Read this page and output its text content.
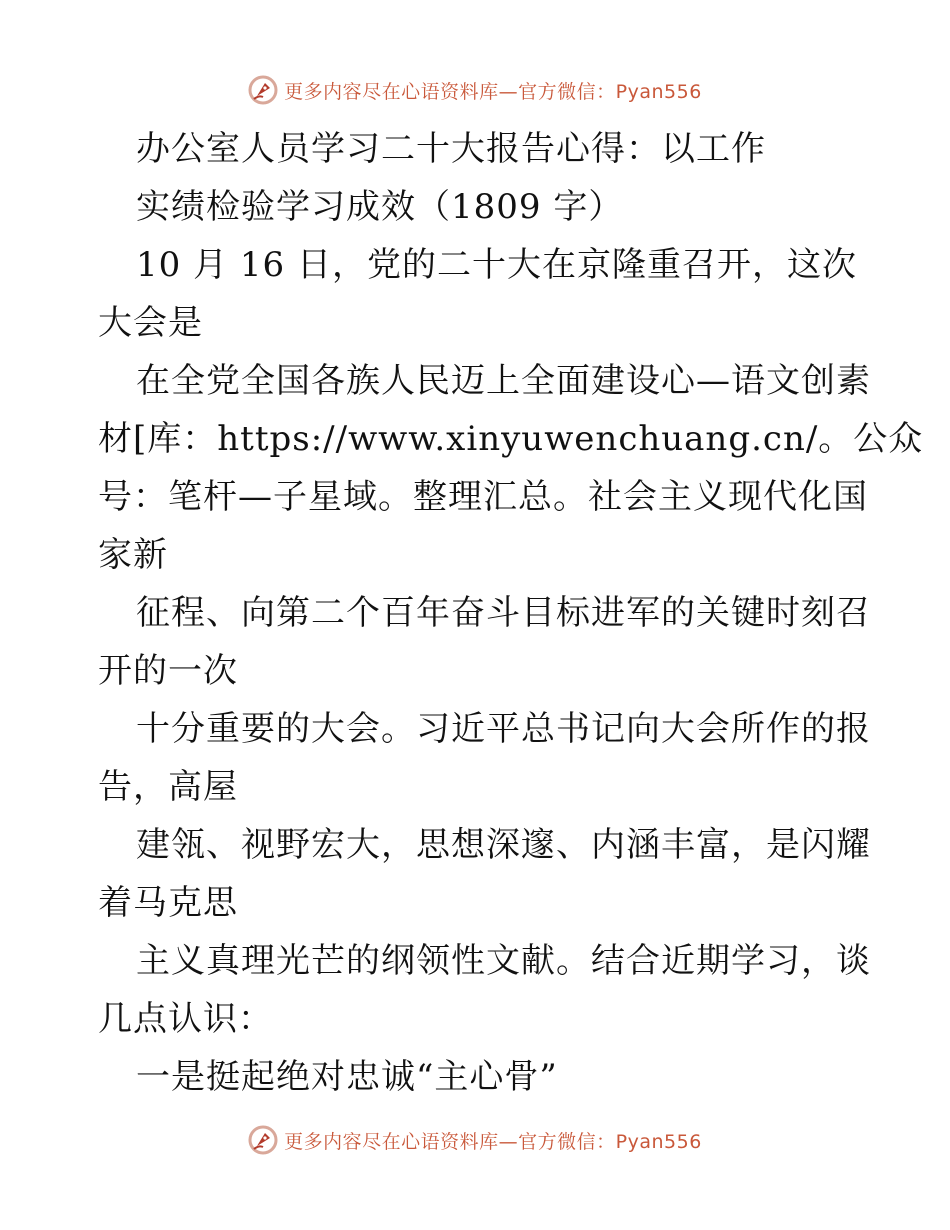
更多内容尽在心语资料库—官方微信：Pyan556
办公室人员学习二十大报告心得：以工作
实绩检验学习成效（1809 字）
10 月 16 日，党的二十大在京隆重召开，这次
大会是
在全党全国各族人民迈上全面建设心—语文创素
材[库：https://www.xinyuwenchuang.cn/。公众
号：笔杆—子星域。整理汇总。社会主义现代化国
家新
征程、向第二个百年奋斗目标进军的关键时刻召
开的一次
十分重要的大会。习近平总书记向大会所作的报
告，高屋
建瓴、视野宏大，思想深邃、内涵丰富，是闪耀
着马克思
主义真理光芒的纲领性文献。结合近期学习，谈
几点认识：
一是挺起绝对忠诚“主心骨”
更多内容尽在心语资料库—官方微信：Pyan556
